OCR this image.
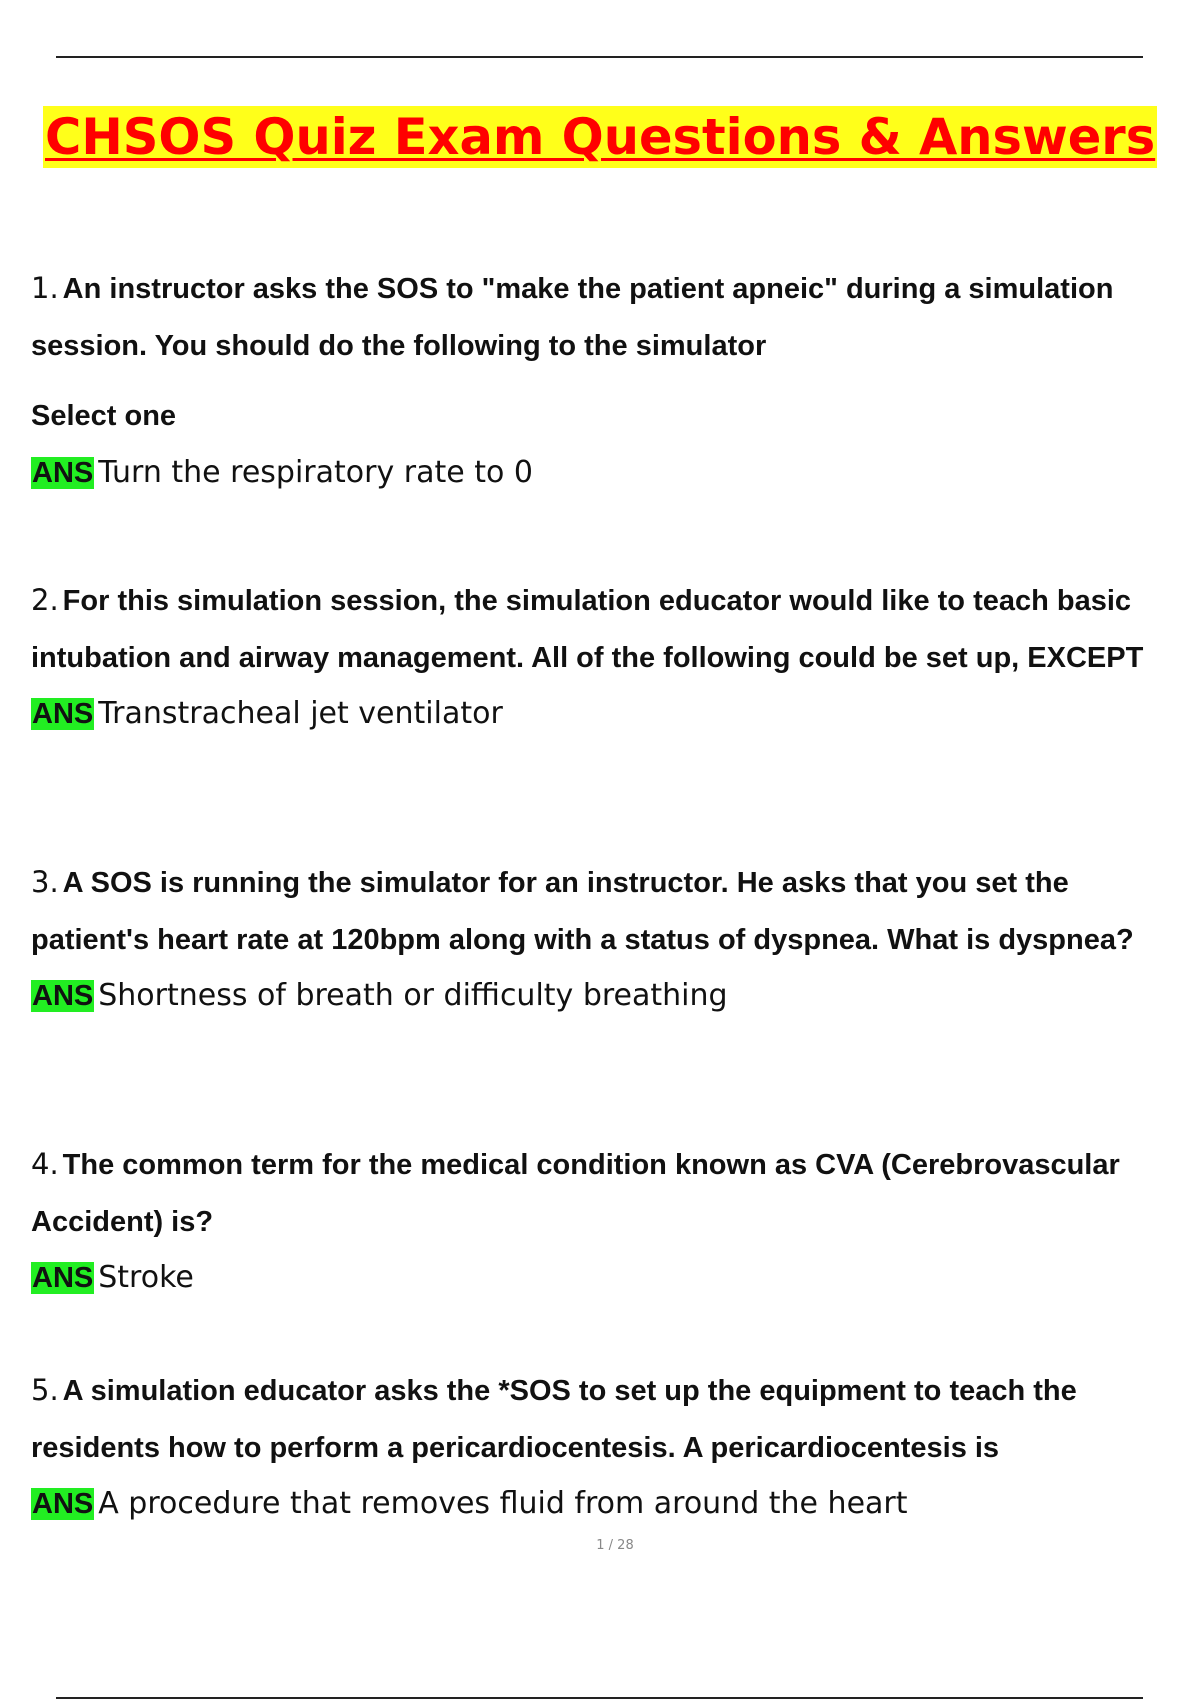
CHSOS Quiz Exam Questions & Answers

1. An instructor asks the SOS to "make the patient apneic" during a simulation session. You should do the following to the simulator

Select one

ANS Turn the respiratory rate to 0

2. For this simulation session, the simulation educator would like to teach basic intubation and airway management. All of the following could be set up, EXCEPT

ANS Transtracheal jet ventilator

3. A SOS is running the simulator for an instructor. He asks that you set the patient's heart rate at 120bpm along with a status of dyspnea. What is dyspnea?

ANS Shortness of breath or difficulty breathing

4. The common term for the medical condition known as CVA (Cerebrovascular Accident) is?

ANS Stroke

5. A simulation educator asks the *SOS to set up the equipment to teach the residents how to perform a pericardiocentesis. A pericardiocentesis is

ANS A procedure that removes fluid from around the heart

1 / 28
